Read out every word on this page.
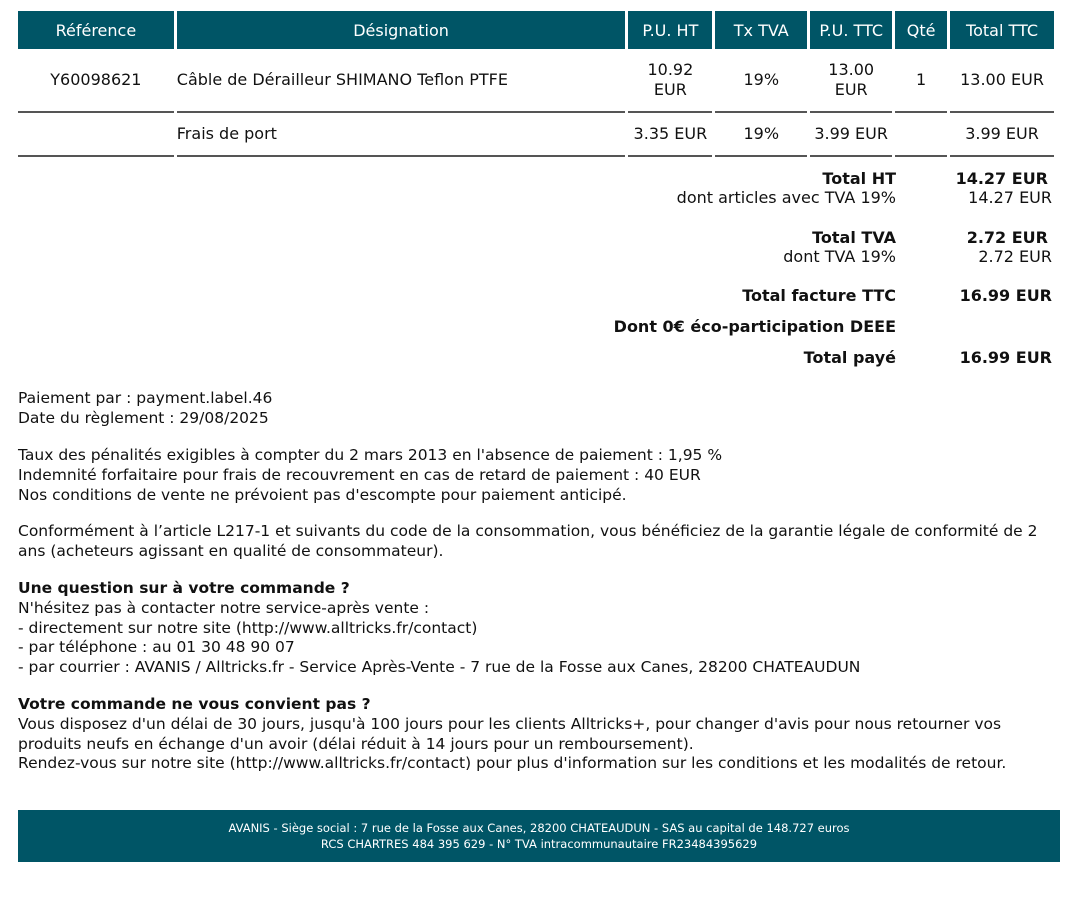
Référence	Désignation	P.U. HT	Tx TVA	P.U. TTC	Qté	Total TTC
Y60098621	Câble de Dérailleur SHIMANO Teflon PTFE	10.92 EUR	19%	13.00 EUR	1	13.00 EUR
	Frais de port	3.35 EUR	19%	3.99 EUR		3.99 EUR
Total HT	14.27 EUR
dont articles avec TVA 19%	14.27 EUR
Total TVA	2.72 EUR
dont TVA 19%	2.72 EUR
Total facture TTC	16.99 EUR
Dont 0€ éco-participation DEEE
Total payé	16.99 EUR

Paiement par : payment.label.46

Date du règlement : 29/08/2025

Taux des pénalités exigibles à compter du 2 mars 2013 en l'absence de paiement : 1,95 %

Indemnité forfaitaire pour frais de recouvrement en cas de retard de paiement : 40 EUR

Nos conditions de vente ne prévoient pas d'escompte pour paiement anticipé.

Conformément à l’article L217-1 et suivants du code de la consommation, vous bénéficiez de la garantie légale de conformité de 2 ans (acheteurs agissant en qualité de consommateur).

Une question sur à votre commande ?

N'hésitez pas à contacter notre service-après vente :

- directement sur notre site (http://www.alltricks.fr/contact)

- par téléphone : au 01 30 48 90 07

- par courrier : AVANIS / Alltricks.fr - Service Après-Vente - 7 rue de la Fosse aux Canes, 28200 CHATEAUDUN

Votre commande ne vous convient pas ?

Vous disposez d'un délai de 30 jours, jusqu'à 100 jours pour les clients Alltricks+, pour changer d'avis pour nous retourner vos produits neufs en échange d'un avoir (délai réduit à 14 jours pour un remboursement).

Rendez-vous sur notre site (http://www.alltricks.fr/contact) pour plus d'information sur les conditions et les modalités de retour.

AVANIS - Siège social : 7 rue de la Fosse aux Canes, 28200 CHATEAUDUN - SAS au capital de 148.727 euros
RCS CHARTRES 484 395 629 - N° TVA intracommunautaire FR23484395629
